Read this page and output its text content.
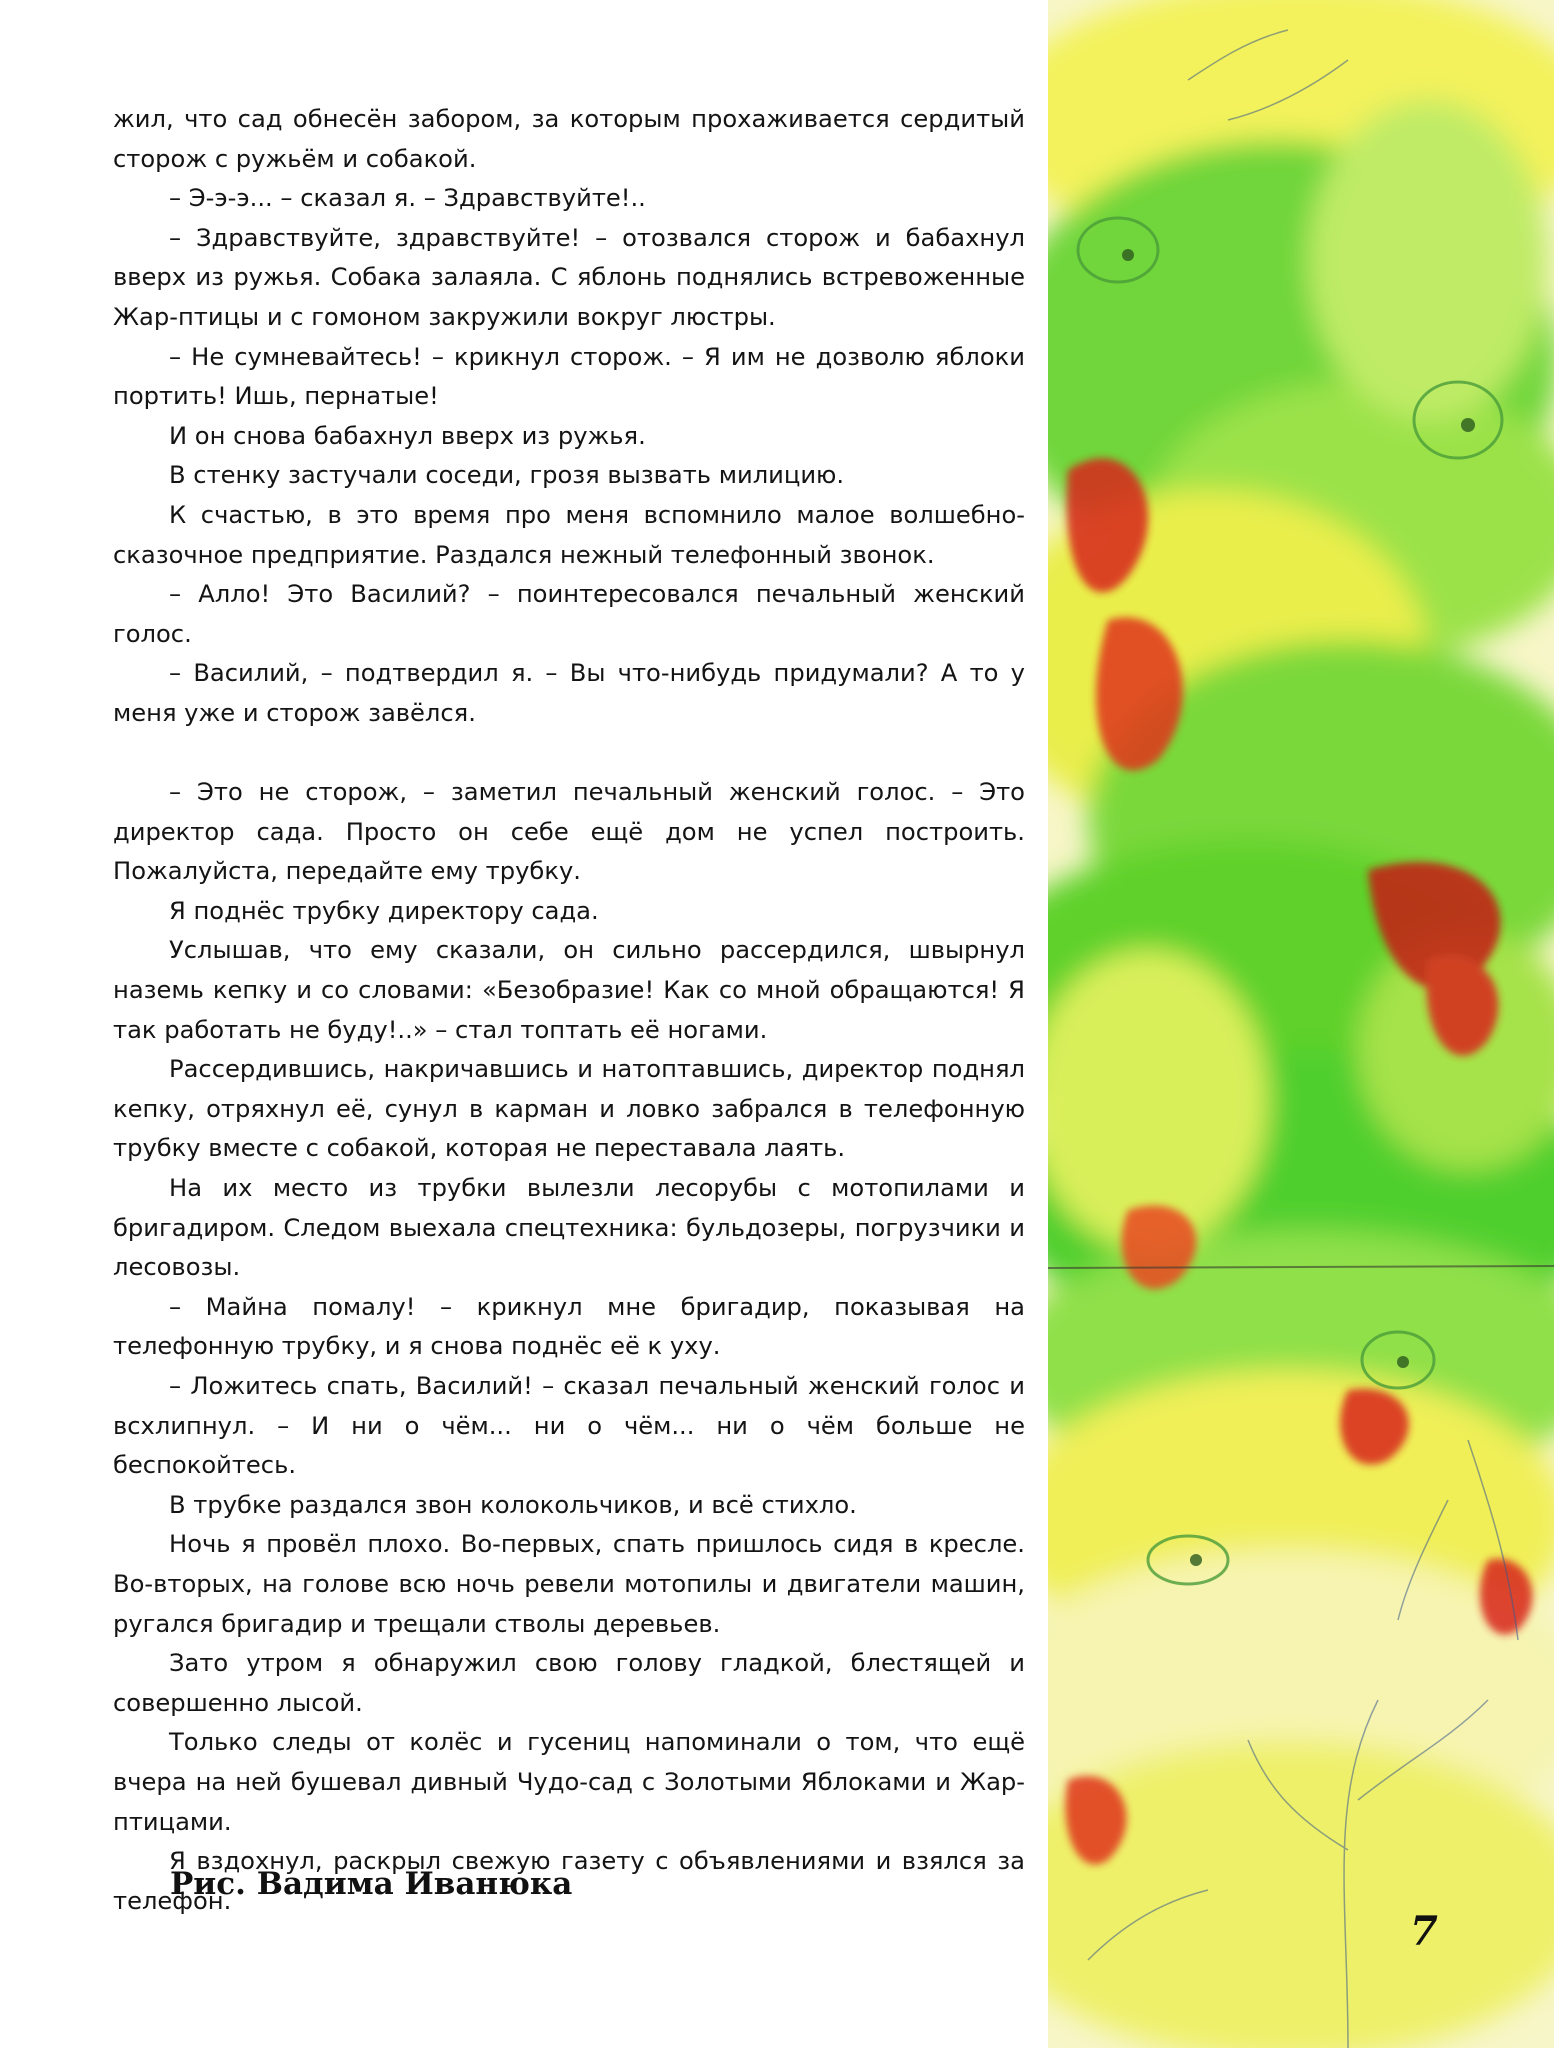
жил, что сад обнесён забором, за которым прохаживается сердитый сторож с ружьём и собакой.

– Э-э-э... – сказал я. – Здравствуйте!..

– Здравствуйте, здравствуйте! – отозвался сторож и бабахнул вверх из ружья. Собака залаяла. С яблонь поднялись встревоженные Жар-птицы и с гомоном закружили вокруг люстры.

– Не сумневайтесь! – крикнул сторож. – Я им не дозволю яблоки портить! Ишь, пернатые!

И он снова бабахнул вверх из ружья.

В стенку застучали соседи, грозя вызвать милицию.

К счастью, в это время про меня вспомнило малое волшебно-сказочное предприятие. Раздался нежный телефонный звонок.

– Алло! Это Василий? – поинтересовался печальный женский голос.

– Василий, – подтвердил я. – Вы что-нибудь придумали? А то у меня уже и сторож завёлся.

– Это не сторож, – заметил печальный женский голос. – Это директор сада. Просто он себе ещё дом не успел построить. Пожалуйста, передайте ему трубку.

Я поднёс трубку директору сада.

Услышав, что ему сказали, он сильно рассердился, швырнул наземь кепку и со словами: «Безобразие! Как со мной обращаются! Я так работать не буду!..» – стал топтать её ногами.

Рассердившись, накричавшись и натоптавшись, директор поднял кепку, отряхнул её, сунул в карман и ловко забрался в телефонную трубку вместе с собакой, которая не переставала лаять.

На их место из трубки вылезли лесорубы с мотопилами и бригадиром. Следом выехала спецтехника: бульдозеры, погрузчики и лесовозы.

– Майна помалу! – крикнул мне бригадир, показывая на телефонную трубку, и я снова поднёс её к уху.

– Ложитесь спать, Василий! – сказал печальный женский голос и всхлипнул. – И ни о чём... ни о чём... ни о чём больше не беспокойтесь.

В трубке раздался звон колокольчиков, и всё стихло.

Ночь я провёл плохо. Во-первых, спать пришлось сидя в кресле. Во-вторых, на голове всю ночь ревели мотопилы и двигатели машин, ругался бригадир и трещали стволы деревьев.

Зато утром я обнаружил свою голову гладкой, блестящей и совершенно лысой.

Только следы от колёс и гусениц напоминали о том, что ещё вчера на ней бушевал дивный Чудо-сад с Золотыми Яблоками и Жар-птицами.

Я вздохнул, раскрыл свежую газету с объявлениями и взялся за телефон.

Рис. Вадима Иванюка
7
